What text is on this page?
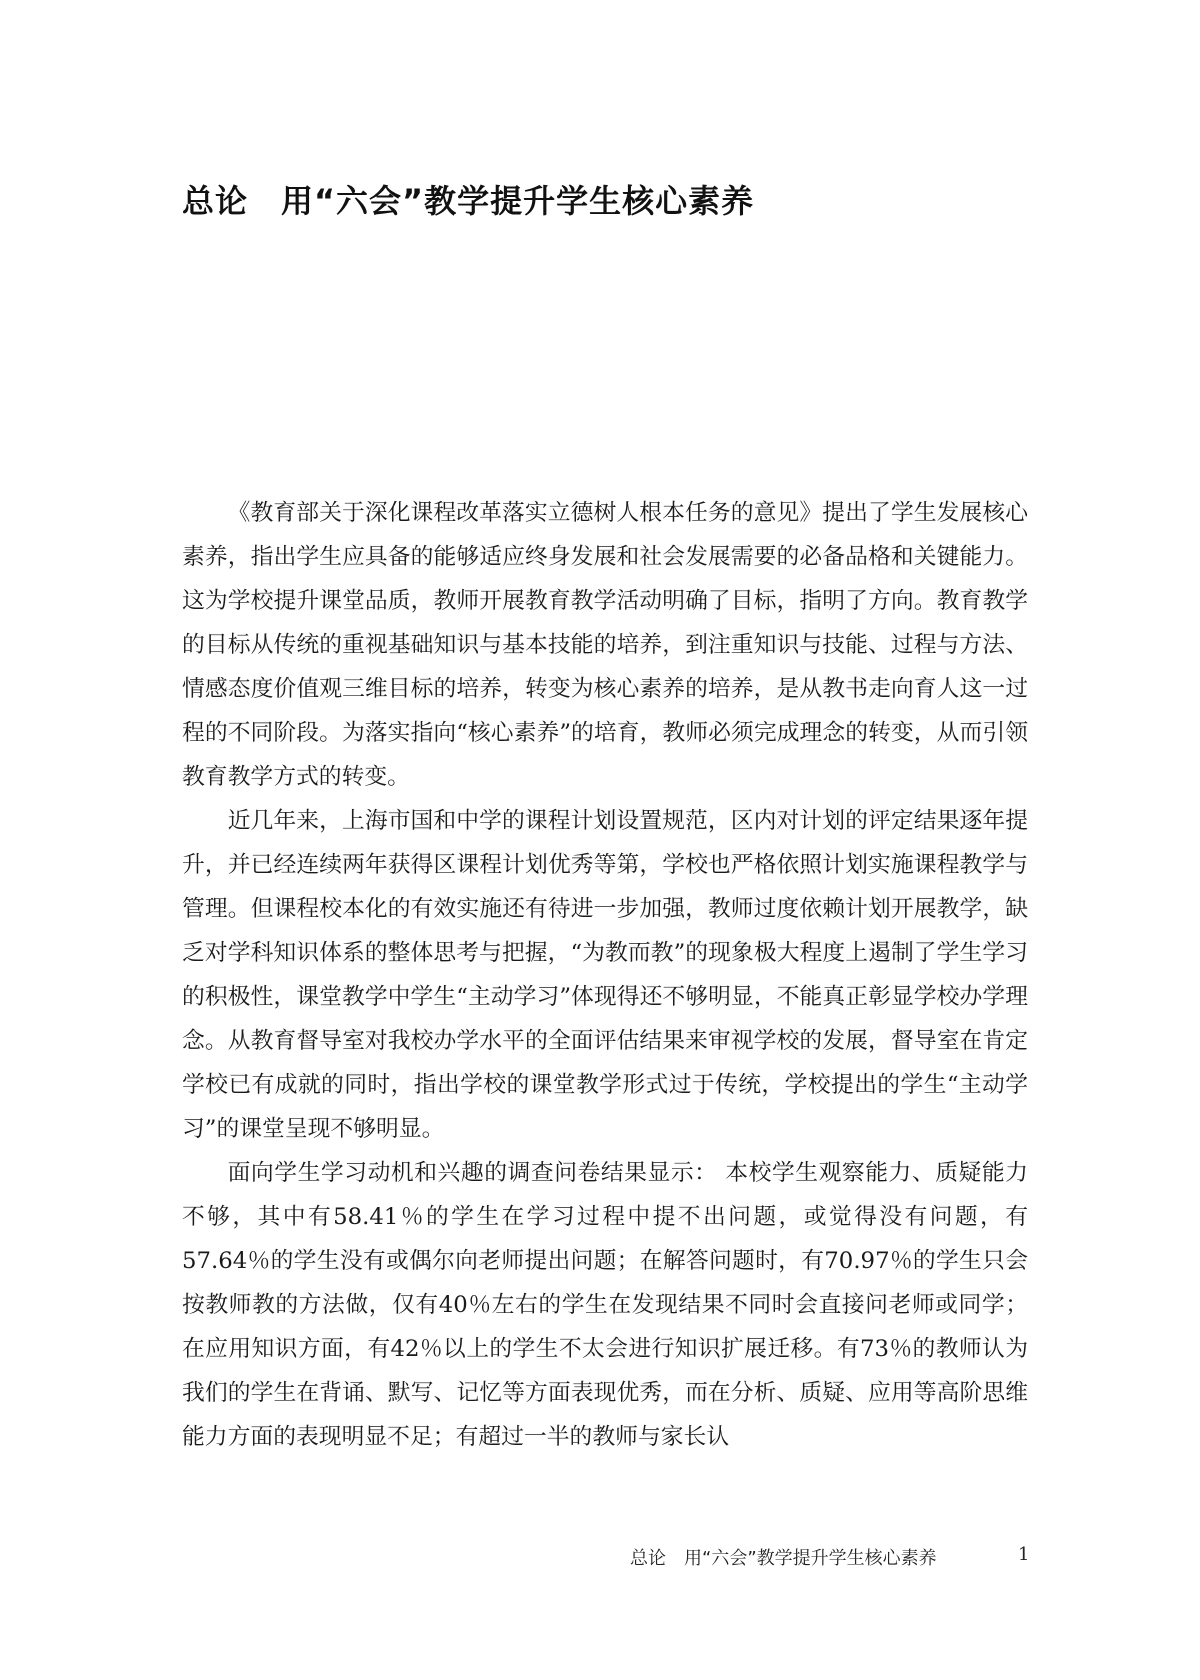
总论　用“六会”教学提升学生核心素养

《教育部关于深化课程改革落实立德树人根本任务的意见》提出了学生发展核心素养，指出学生应具备的能够适应终身发展和社会发展需要的必备品格和关键能力。这为学校提升课堂品质，教师开展教育教学活动明确了目标，指明了方向。教育教学的目标从传统的重视基础知识与基本技能的培养，到注重知识与技能、过程与方法、情感态度价值观三维目标的培养，转变为核心素养的培养，是从教书走向育人这一过程的不同阶段。为落实指向“核心素养”的培育，教师必须完成理念的转变，从而引领教育教学方式的转变。

近几年来，上海市国和中学的课程计划设置规范，区内对计划的评定结果逐年提升，并已经连续两年获得区课程计划优秀等第，学校也严格依照计划实施课程教学与管理。但课程校本化的有效实施还有待进一步加强，教师过度依赖计划开展教学，缺乏对学科知识体系的整体思考与把握，“为教而教”的现象极大程度上遏制了学生学习的积极性，课堂教学中学生“主动学习”体现得还不够明显，不能真正彰显学校办学理念。从教育督导室对我校办学水平的全面评估结果来审视学校的发展，督导室在肯定学校已有成就的同时，指出学校的课堂教学形式过于传统，学校提出的学生“主动学习”的课堂呈现不够明显。

面向学生学习动机和兴趣的调查问卷结果显示： 本校学生观察能力、质疑能力不够，其中有58.41％的学生在学习过程中提不出问题，或觉得没有问题，有57.64％的学生没有或偶尔向老师提出问题；在解答问题时，有70.97％的学生只会按教师教的方法做，仅有40％左右的学生在发现结果不同时会直接问老师或同学；在应用知识方面，有42％以上的学生不太会进行知识扩展迁移。有73％的教师认为我们的学生在背诵、默写、记忆等方面表现优秀，而在分析、质疑、应用等高阶思维能力方面的表现明显不足；有超过一半的教师与家长认

总论　用“六会”教学提升学生核心素养	1
